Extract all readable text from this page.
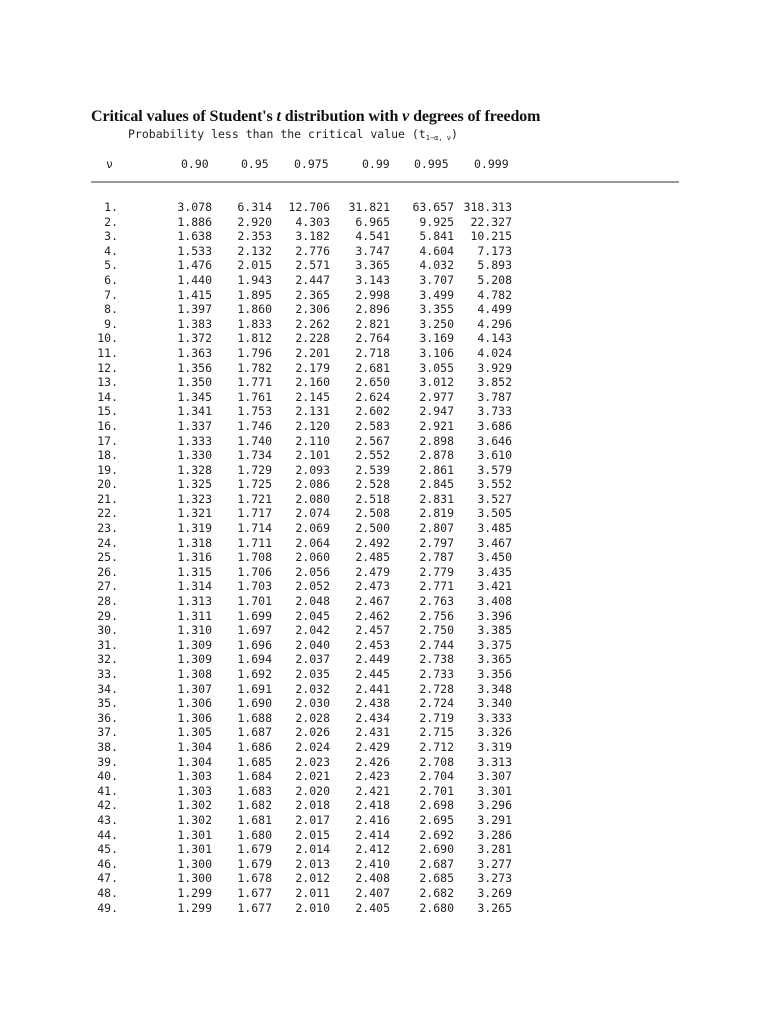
Critical values of Student's t distribution with v degrees of freedom
Probability less than the critical value $(t_{1-\alpha, \nu})$
ν	0.90	0.95 0.975	0.99 0.995 0.999
1.	3.078	6.314	12.706	31.821	63.657 318.313
2.	1.886	2.920	4.303	6.965	9.925	22.327
3.	1.638	2.353	3.182	4.541	5.841	10.215
4.	1.533	2.132	2.776	3.747	4.604	7.173
5.	1.476	2.015	2.571	3.365	4.032	5.893
6.	1.440	1.943	2.447	3.143	3.707	5.208
7.	1.415	1.895	2.365	2.998	3.499	4.782
8.	1.397	1.860	2.306	2.896	3.355	4.499
9.	1.383	1.833	2.262	2.821	3.250	4.296
10.	1.372	1.812	2.228	2.764	3.169	4.143
11.	1.363	1.796	2.201	2.718	3.106	4.024
12.	1.356	1.782	2.179	2.681	3.055	3.929
13.	1.350	1.771	2.160	2.650	3.012	3.852
14.	1.345	1.761	2.145	2.624	2.977	3.787
15.	1.341	1.753	2.131	2.602	2.947	3.733
16.	1.337	1.746	2.120	2.583	2.921	3.686
17.	1.333	1.740	2.110	2.567	2.898	3.646
18.	1.330	1.734	2.101	2.552	2.878	3.610
19.	1.328	1.729	2.093	2.539	2.861	3.579
20.	1.325	1.725	2.086	2.528	2.845	3.552
21.	1.323	1.721	2.080	2.518	2.831	3.527
22.	1.321	1.717	2.074	2.508	2.819	3.505
23.	1.319	1.714	2.069	2.500	2.807	3.485
24.	1.318	1.711	2.064	2.492	2.797	3.467
25.	1.316	1.708	2.060	2.485	2.787	3.450
26.	1.315	1.706	2.056	2.479	2.779	3.435
27.	1.314	1.703	2.052	2.473	2.771	3.421
28.	1.313	1.701	2.048	2.467	2.763	3.408
29.	1.311	1.699	2.045	2.462	2.756	3.396
30.	1.310	1.697	2.042	2.457	2.750	3.385
31.	1.309	1.696	2.040	2.453	2.744	3.375
32.	1.309	1.694	2.037	2.449	2.738	3.365
33.	1.308	1.692	2.035	2.445	2.733	3.356
34.	1.307	1.691	2.032	2.441	2.728	3.348
35.	1.306	1.690	2.030	2.438	2.724	3.340
36.	1.306	1.688	2.028	2.434	2.719	3.333
37.	1.305	1.687	2.026	2.431	2.715	3.326
38.	1.304	1.686	2.024	2.429	2.712	3.319
39.	1.304	1.685	2.023	2.426	2.708	3.313
40.	1.303	1.684	2.021	2.423	2.704	3.307
41.	1.303	1.683	2.020	2.421	2.701	3.301
42.	1.302	1.682	2.018	2.418	2.698	3.296
43.	1.302	1.681	2.017	2.416	2.695	3.291
44.	1.301	1.680	2.015	2.414	2.692	3.286
45.	1.301	1.679	2.014	2.412	2.690	3.281
46.	1.300	1.679	2.013	2.410	2.687	3.277
47.	1.300	1.678	2.012	2.408	2.685	3.273
48.	1.299	1.677	2.011	2.407	2.682	3.269
49.	1.299	1.677	2.010	2.405	2.680	3.265
